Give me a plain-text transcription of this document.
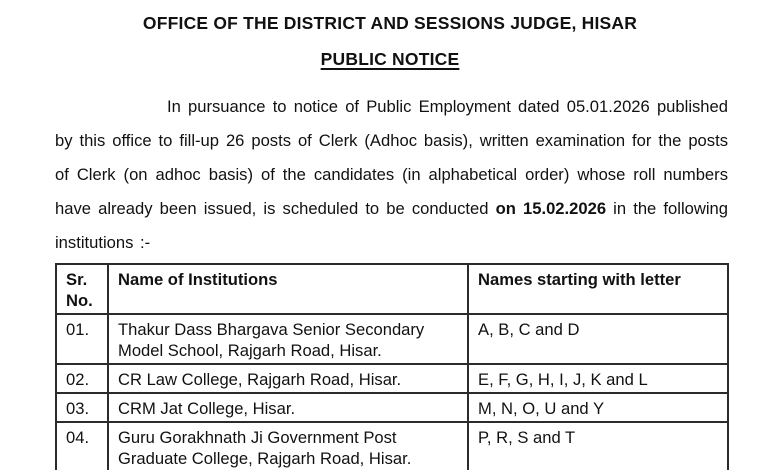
OFFICE OF THE DISTRICT AND SESSIONS JUDGE, HISAR
PUBLIC NOTICE

In pursuance to notice of Public Employment dated 05.01.2026 published by this office to fill-up 26 posts of Clerk (Adhoc basis), written examination for the posts of Clerk (on adhoc basis) of the candidates (in alphabetical order) whose roll numbers have already been issued, is scheduled to be conducted on 15.02.2026 in the following institutions :-

Sr. No.	Name of Institutions	Names starting with letter
01.	Thakur Dass Bhargava Senior Secondary Model School, Rajgarh Road, Hisar.	A, B, C and D
02.	CR Law College, Rajgarh Road, Hisar.	E, F, G, H, I, J, K and L
03.	CRM Jat College, Hisar.	M, N, O, U and Y
04.	Guru Gorakhnath Ji Government Post Graduate College, Rajgarh Road, Hisar.	P, R, S and T
